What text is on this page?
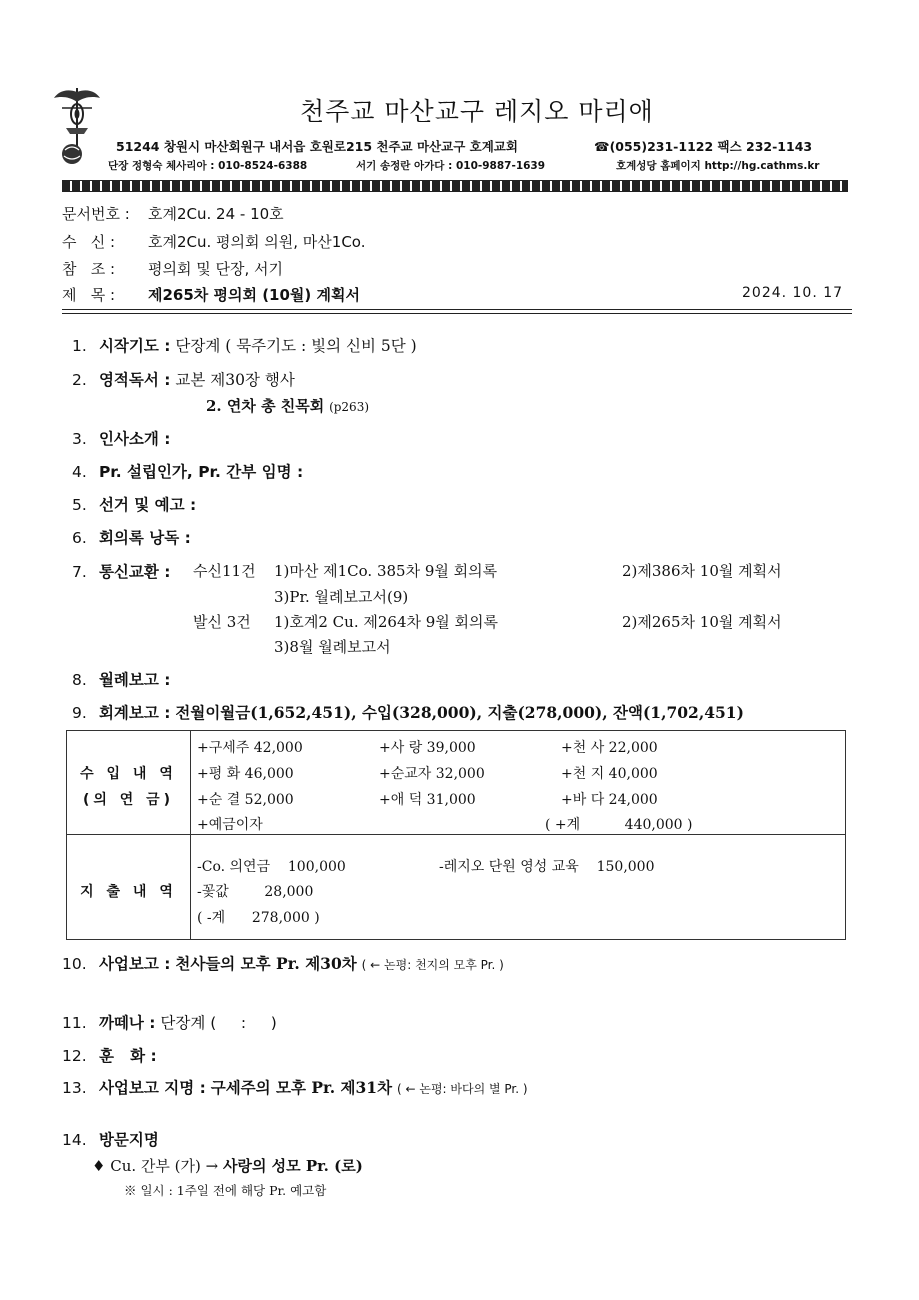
천주교 마산교구 레지오 마리애
51244 창원시 마산회원구 내서읍 호원로215 천주교 마산교구 호계교회	☎(055)231-1122 팩스 232-1143
단장 정형숙 체사리아 : 010-8524-6388	서기 송정란 아가다 : 010-9887-1639	호계성당 홈페이지 http://hg.cathms.kr
문서번호 : 호계2Cu. 24 - 10호
수   신 : 호계2Cu. 평의회 의원, 마산1Co.
참   조 : 평의회 및 단장, 서기
제   목 : 제265차 평의회 (10월) 계획서	2024. 10. 17
1. 시작기도 : 단장계 ( 묵주기도 : 빛의 신비 5단 )
2. 영적독서 : 교본 제30장 행사
2. 연차 총 친목회 (p263)
3. 인사소개 :
4. Pr. 설립인가, Pr. 간부 임명 :
5. 선거 및 예고 :
6. 회의록 낭독 :
7. 통신교환 : 수신11건 1)마산 제1Co. 385차 9월 회의록	2)제386차 10월 계획서
3)Pr. 월례보고서(9)
발신 3건 1)호계2 Cu. 제264차 9월 회의록	2)제265차 10월 계획서
3)8월 월례보고서
8. 월례보고 :
9. 회계보고 : 전월이월금(1,652,451), 수입(328,000), 지출(278,000), 잔액(1,702,451)
수 입 내 역
(의 연 금)
+구세주 42,000	+사 랑 39,000	+천 사 22,000
+평 화 46,000	+순교자 32,000	+천 지 40,000
+순 결 52,000	+애 덕 31,000	+바 다 24,000
+예금이자	( +계          440,000 )
지 출 내 역
-Co. 의연금    100,000	-레지오 단원 영성 교육    150,000
-꽃값        28,000
( -계      278,000 )
10. 사업보고 : 천사들의 모후 Pr. 제30차 ( ← 논평: 천지의 모후 Pr. )
11. 까떼나 : 단장계 (     :     )
12. 훈   화 :
13. 사업보고 지명 : 구세주의 모후 Pr. 제31차 ( ← 논평: 바다의 별 Pr. )
14. 방문지명
♦ Cu. 간부 (가) → 사랑의 성모 Pr. (로)
※ 일시 : 1주일 전에 해당 Pr. 예고함
